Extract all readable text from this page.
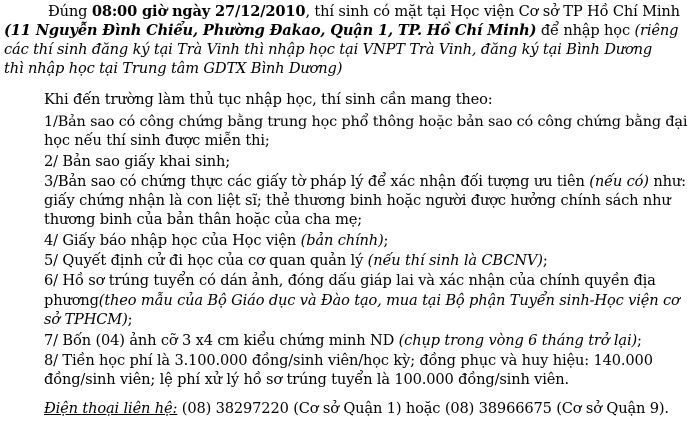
Đúng 08:00 giờ ngày 27/12/2010, thí sinh có mặt tại Học viện Cơ sở TP Hồ Chí Minh
(11 Nguyễn Đình Chiểu, Phường Đakao, Quận 1, TP. Hồ Chí Minh) để nhập học (riêng
các thí sinh đăng ký tại Trà Vinh thì nhập học tại VNPT Trà Vinh, đăng ký tại Bình Dương
thì nhập học tại Trung tâm GDTX Bình Dương)
Khi đến trường làm thủ tục nhập học, thí sinh cần mang theo:
1/Bản sao có công chứng bằng trung học phổ thông hoặc bản sao có công chứng bằng đại
học nếu thí sinh được miễn thi;
2/ Bản sao giấy khai sinh;
3/Bản sao có chứng thực các giấy tờ pháp lý để xác nhận đối tượng ưu tiên (nếu có) như:
giấy chứng nhận là con liệt sĩ; thẻ thương binh hoặc người được hưởng chính sách như
thương binh của bản thân hoặc của cha mẹ;
4/ Giấy báo nhập học của Học viện (bản chính);
5/ Quyết định cử đi học của cơ quan quản lý (nếu thí sinh là CBCNV);
6/ Hồ sơ trúng tuyển có dán ảnh, đóng dấu giáp lai và xác nhận của chính quyền địa
phương(theo mẫu của Bộ Giáo dục và Đào tạo, mua tại Bộ phận Tuyển sinh-Học viện cơ
sở TPHCM);
7/ Bốn (04) ảnh cỡ 3 x4 cm kiểu chứng minh ND (chụp trong vòng 6 tháng trở lại);
8/ Tiền học phí là 3.100.000 đồng/sinh viên/học kỳ; đồng phục và huy hiệu: 140.000
đồng/sinh viên; lệ phí xử lý hồ sơ trúng tuyển là 100.000 đồng/sinh viên.
Điện thoại liên hệ: (08) 38297220 (Cơ sở Quận 1) hoặc (08) 38966675 (Cơ sở Quận 9).
